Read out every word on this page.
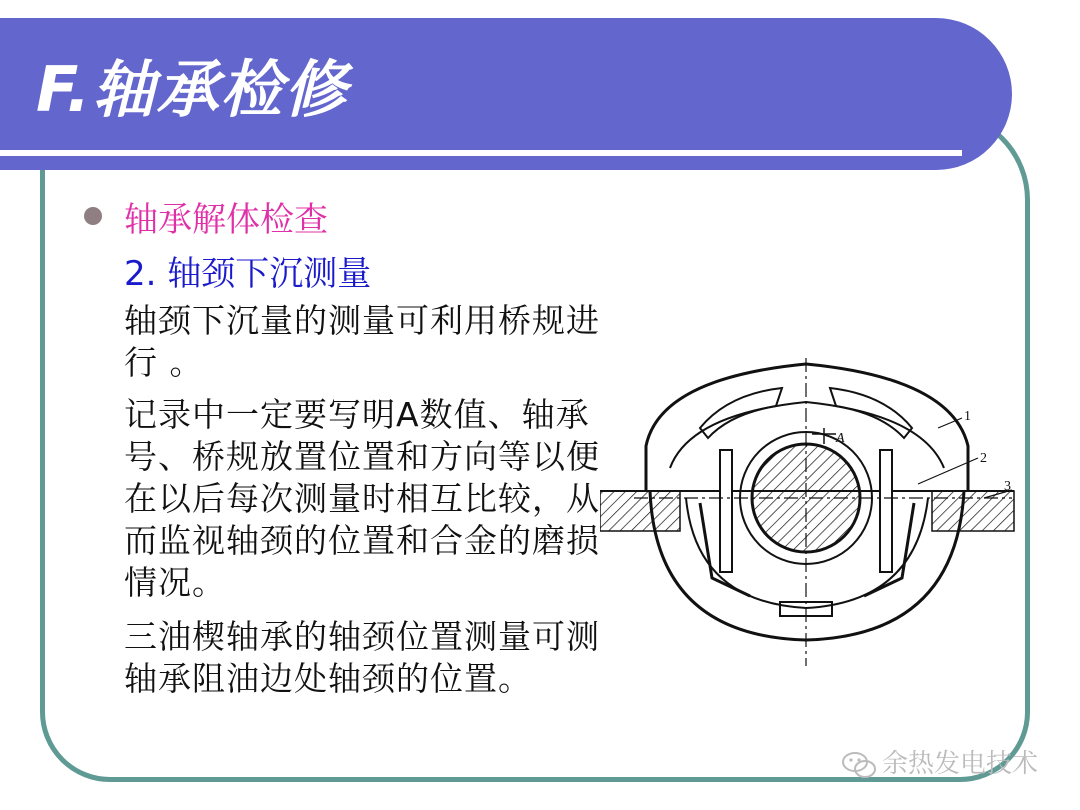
F.轴承检修
轴承解体检查
2. 轴颈下沉测量
轴颈下沉量的测量可利用桥规进行 。
记录中一定要写明A数值、轴承号、桥规放置位置和方向等以便在以后每次测量时相互比较，从而监视轴颈的位置和合金的磨损情况。
三油楔轴承的轴颈位置测量可测轴承阻油边处轴颈的位置。
A
1
2
3
余热发电技术
